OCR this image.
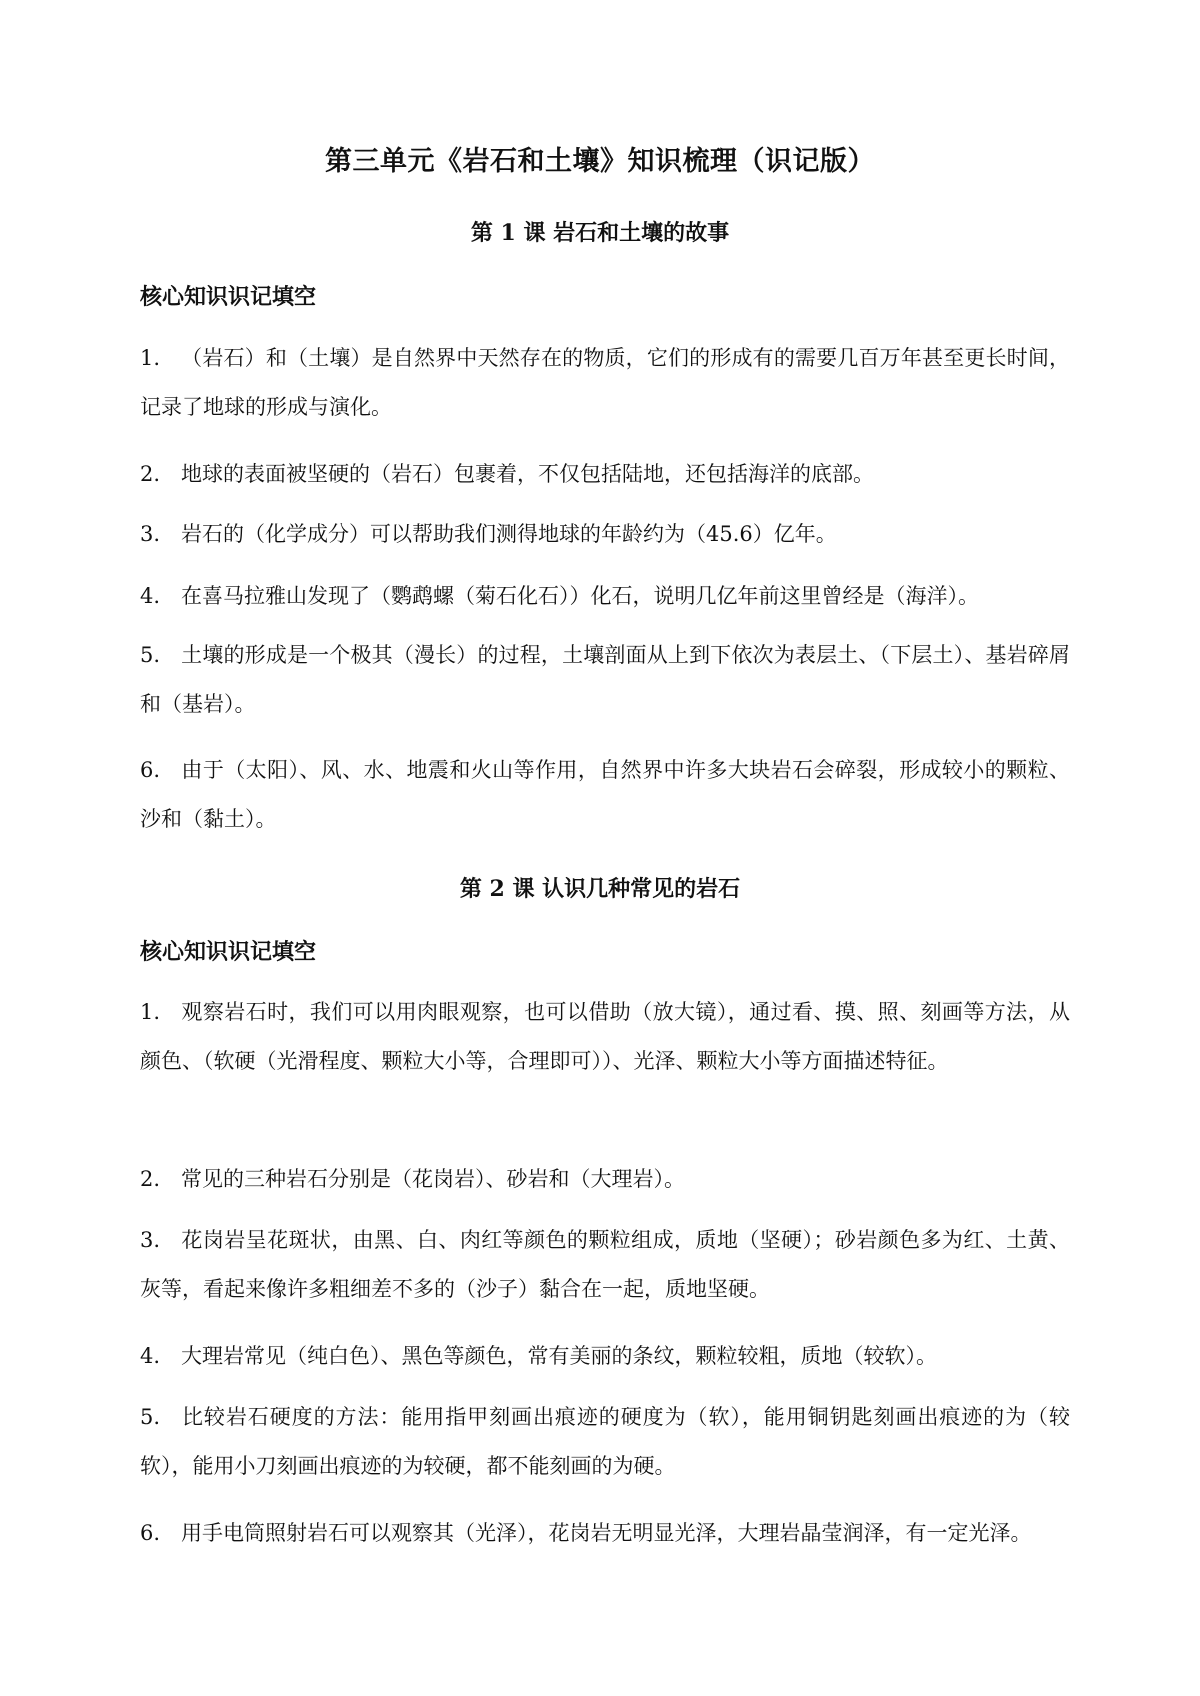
第三单元《岩石和土壤》知识梳理（识记版）
第 1 课 岩石和土壤的故事
核心知识识记填空

1. （岩石）和（土壤）是自然界中天然存在的物质，它们的形成有的需要几百万年甚至更长时间，记录了地球的形成与演化。

2. 地球的表面被坚硬的（岩石）包裹着，不仅包括陆地，还包括海洋的底部。

3. 岩石的（化学成分）可以帮助我们测得地球的年龄约为（45.6）亿年。

4. 在喜马拉雅山发现了（鹦鹉螺（菊石化石））化石，说明几亿年前这里曾经是（海洋）。

5. 土壤的形成是一个极其（漫长）的过程，土壤剖面从上到下依次为表层土、（下层土）、基岩碎屑和（基岩）。

6. 由于（太阳）、风、水、地震和火山等作用，自然界中许多大块岩石会碎裂，形成较小的颗粒、沙和（黏土）。

第 2 课 认识几种常见的岩石
核心知识识记填空

1. 观察岩石时，我们可以用肉眼观察，也可以借助（放大镜），通过看、摸、照、刻画等方法，从颜色、（软硬（光滑程度、颗粒大小等，合理即可））、光泽、颗粒大小等方面描述特征。

2. 常见的三种岩石分别是（花岗岩）、砂岩和（大理岩）。

3. 花岗岩呈花斑状，由黑、白、肉红等颜色的颗粒组成，质地（坚硬）；砂岩颜色多为红、土黄、灰等，看起来像许多粗细差不多的（沙子）黏合在一起，质地坚硬。

4. 大理岩常见（纯白色）、黑色等颜色，常有美丽的条纹，颗粒较粗，质地（较软）。

5. 比较岩石硬度的方法：能用指甲刻画出痕迹的硬度为（软），能用铜钥匙刻画出痕迹的为（较软），能用小刀刻画出痕迹的为较硬，都不能刻画的为硬。

6. 用手电筒照射岩石可以观察其（光泽），花岗岩无明显光泽，大理岩晶莹润泽，有一定光泽。
